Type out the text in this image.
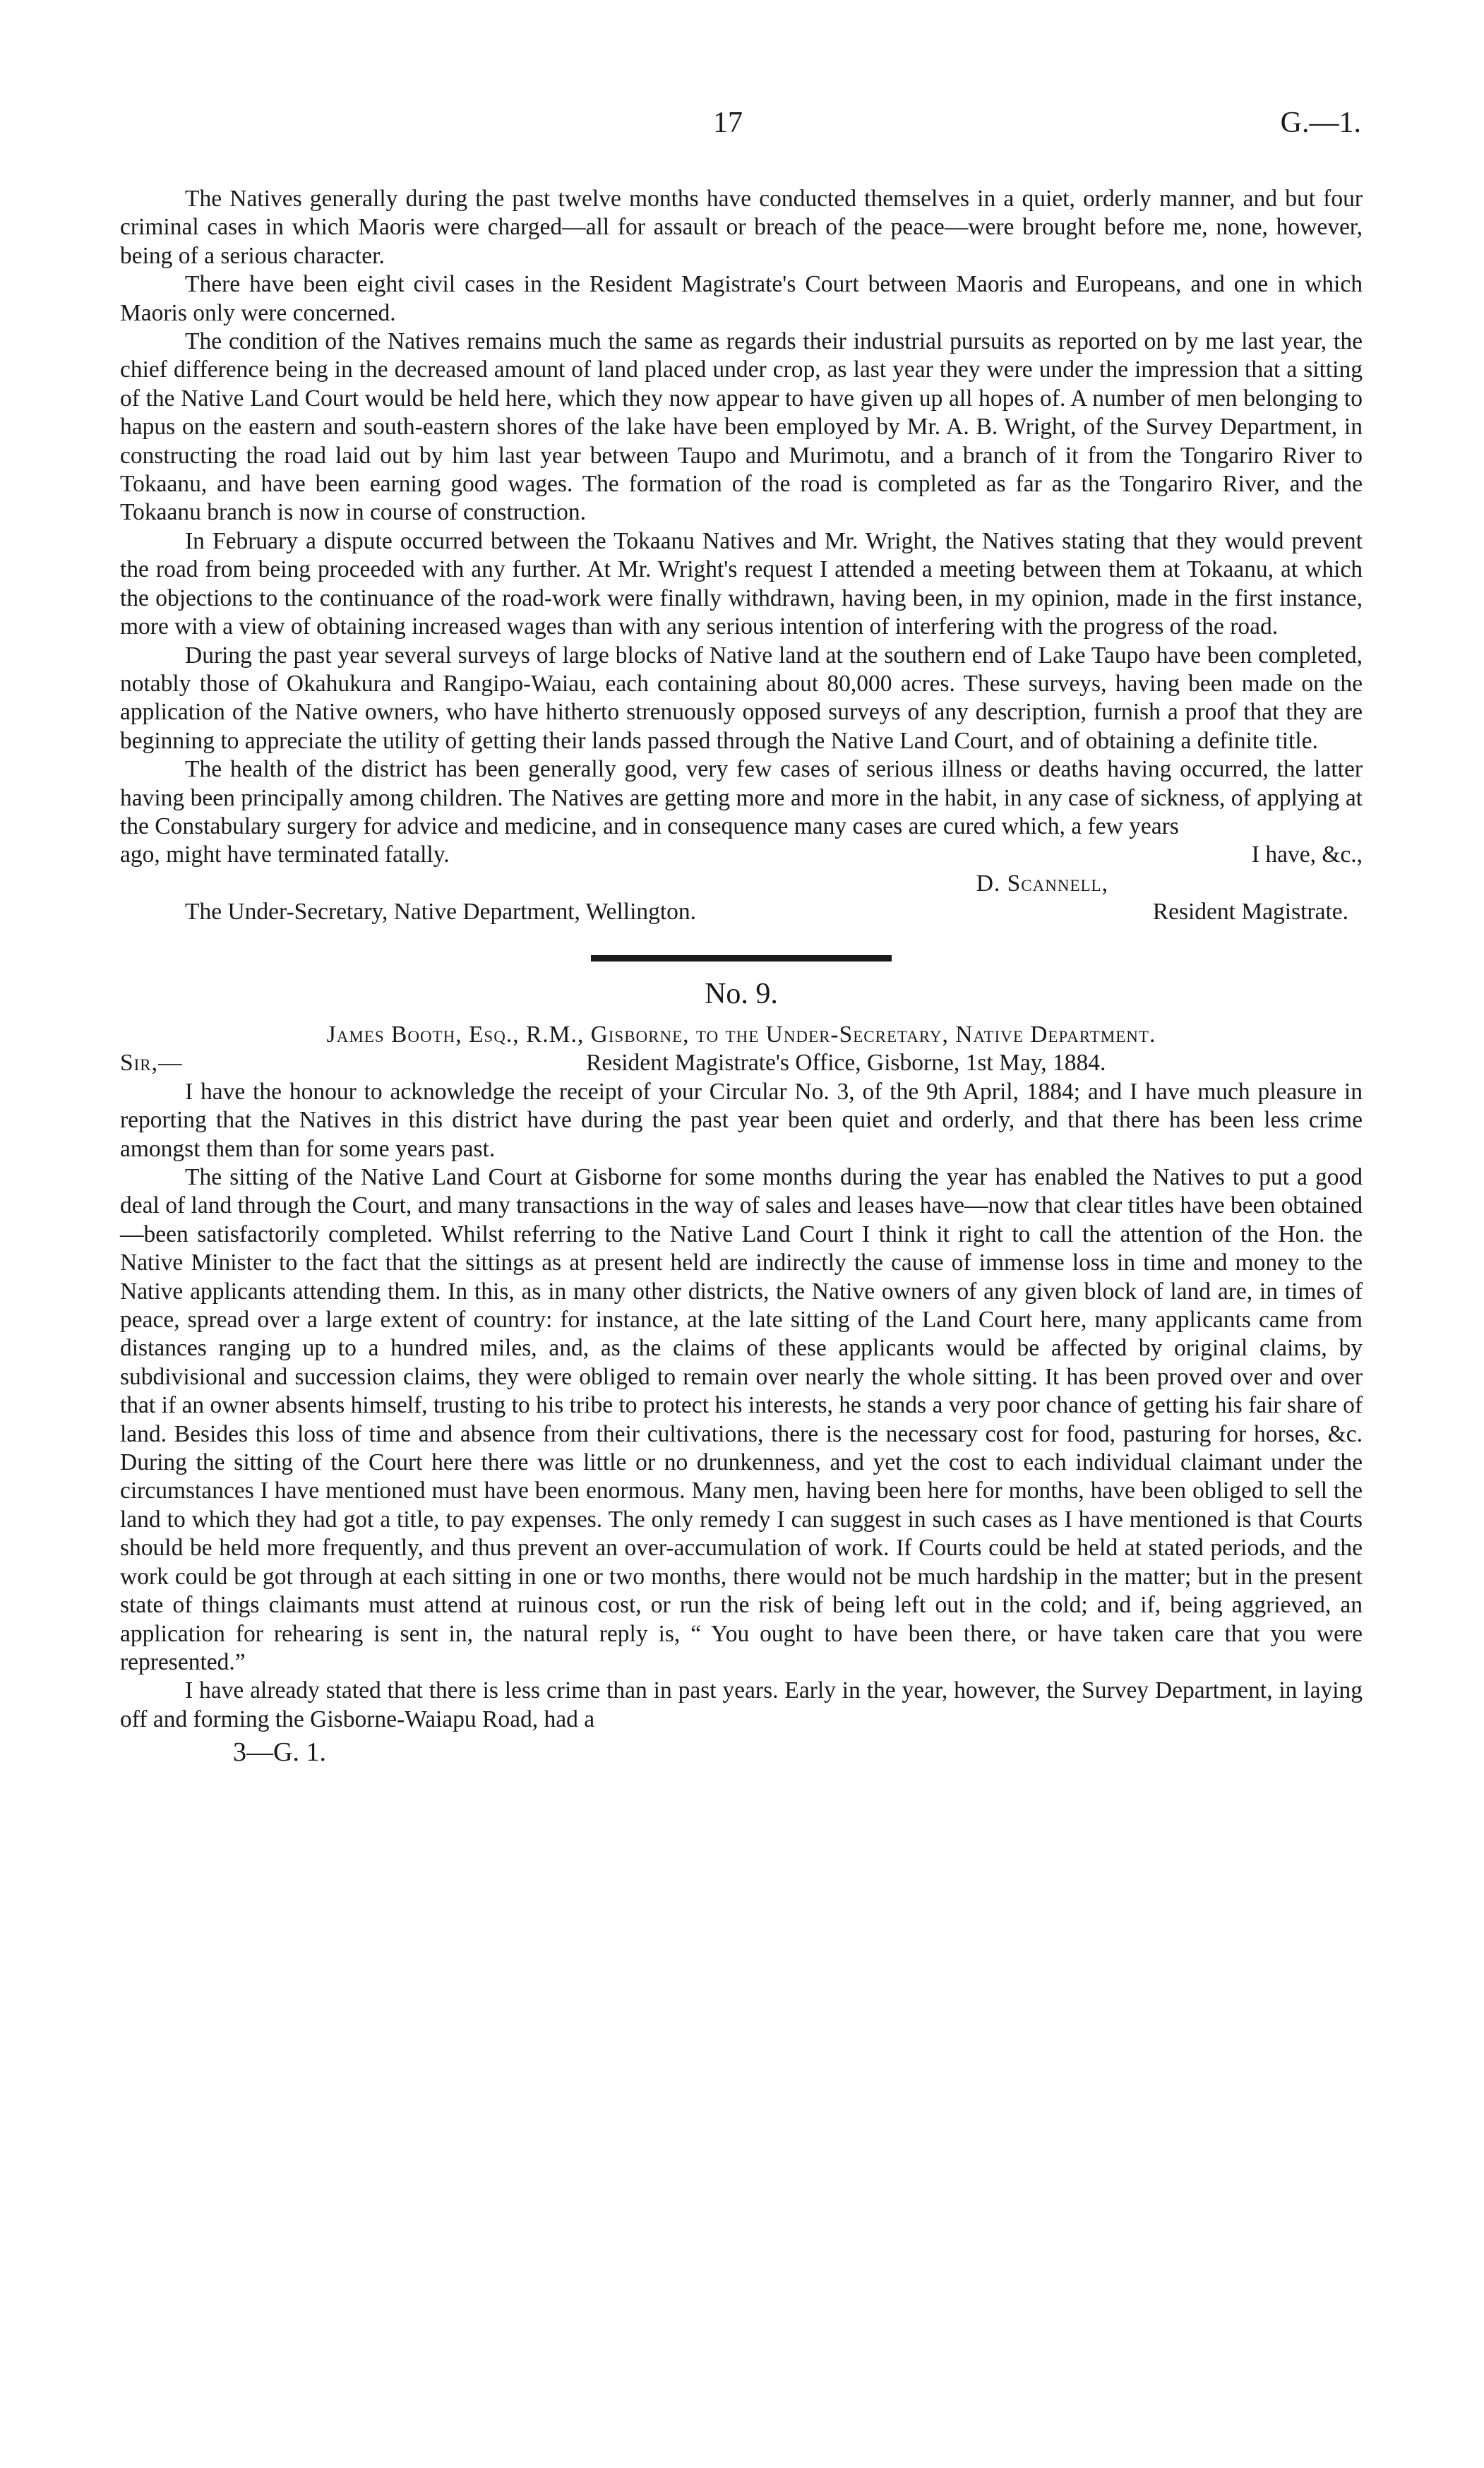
17	G.—1.

The Natives generally during the past twelve months have conducted themselves in a quiet, orderly manner, and but four criminal cases in which Maoris were charged—all for assault or breach of the peace—were brought before me, none, however, being of a serious character.

There have been eight civil cases in the Resident Magistrate's Court between Maoris and Europeans, and one in which Maoris only were concerned.

The condition of the Natives remains much the same as regards their industrial pursuits as reported on by me last year, the chief difference being in the decreased amount of land placed under crop, as last year they were under the impression that a sitting of the Native Land Court would be held here, which they now appear to have given up all hopes of. A number of men belonging to hapus on the eastern and south-eastern shores of the lake have been employed by Mr. A. B. Wright, of the Survey Department, in constructing the road laid out by him last year between Taupo and Murimotu, and a branch of it from the Tongariro River to Tokaanu, and have been earning good wages. The formation of the road is completed as far as the Tongariro River, and the Tokaanu branch is now in course of construction.

In February a dispute occurred between the Tokaanu Natives and Mr. Wright, the Natives stating that they would prevent the road from being proceeded with any further. At Mr. Wright's request I attended a meeting between them at Tokaanu, at which the objections to the continuance of the road-work were finally withdrawn, having been, in my opinion, made in the first instance, more with a view of obtaining increased wages than with any serious intention of interfering with the progress of the road.

During the past year several surveys of large blocks of Native land at the southern end of Lake Taupo have been completed, notably those of Okahukura and Rangipo-Waiau, each containing about 80,000 acres. These surveys, having been made on the application of the Native owners, who have hitherto strenuously opposed surveys of any description, furnish a proof that they are beginning to appreciate the utility of getting their lands passed through the Native Land Court, and of obtaining a definite title.

The health of the district has been generally good, very few cases of serious illness or deaths having occurred, the latter having been principally among children. The Natives are getting more and more in the habit, in any case of sickness, of applying at the Constabulary surgery for advice and medicine, and in consequence many cases are cured which, a few years

ago, might have terminated fatally.	I have, &c.,
D. Scannell,
The Under-Secretary, Native Department, Wellington.	Resident Magistrate.
No. 9.
James Booth, Esq., R.M., Gisborne, to the Under-Secretary, Native Department.
Sir,—	Resident Magistrate's Office, Gisborne, 1st May, 1884.

I have the honour to acknowledge the receipt of your Circular No. 3, of the 9th April, 1884; and I have much pleasure in reporting that the Natives in this district have during the past year been quiet and orderly, and that there has been less crime amongst them than for some years past.

The sitting of the Native Land Court at Gisborne for some months during the year has enabled the Natives to put a good deal of land through the Court, and many transactions in the way of sales and leases have—now that clear titles have been obtained—been satisfactorily completed. Whilst referring to the Native Land Court I think it right to call the attention of the Hon. the Native Minister to the fact that the sittings as at present held are indirectly the cause of immense loss in time and money to the Native applicants attending them. In this, as in many other districts, the Native owners of any given block of land are, in times of peace, spread over a large extent of country: for instance, at the late sitting of the Land Court here, many applicants came from distances ranging up to a hundred miles, and, as the claims of these applicants would be affected by original claims, by subdivisional and succession claims, they were obliged to remain over nearly the whole sitting. It has been proved over and over that if an owner absents himself, trusting to his tribe to protect his interests, he stands a very poor chance of getting his fair share of land. Besides this loss of time and absence from their cultivations, there is the necessary cost for food, pasturing for horses, &c. During the sitting of the Court here there was little or no drunkenness, and yet the cost to each individual claimant under the circumstances I have mentioned must have been enormous. Many men, having been here for months, have been obliged to sell the land to which they had got a title, to pay expenses. The only remedy I can suggest in such cases as I have mentioned is that Courts should be held more frequently, and thus prevent an over-accumulation of work. If Courts could be held at stated periods, and the work could be got through at each sitting in one or two months, there would not be much hardship in the matter; but in the present state of things claimants must attend at ruinous cost, or run the risk of being left out in the cold; and if, being aggrieved, an application for rehearing is sent in, the natural reply is, “ You ought to have been there, or have taken care that you were represented.”

I have already stated that there is less crime than in past years. Early in the year, however, the Survey Department, in laying off and forming the Gisborne-Waiapu Road, had a

3—G. 1.
